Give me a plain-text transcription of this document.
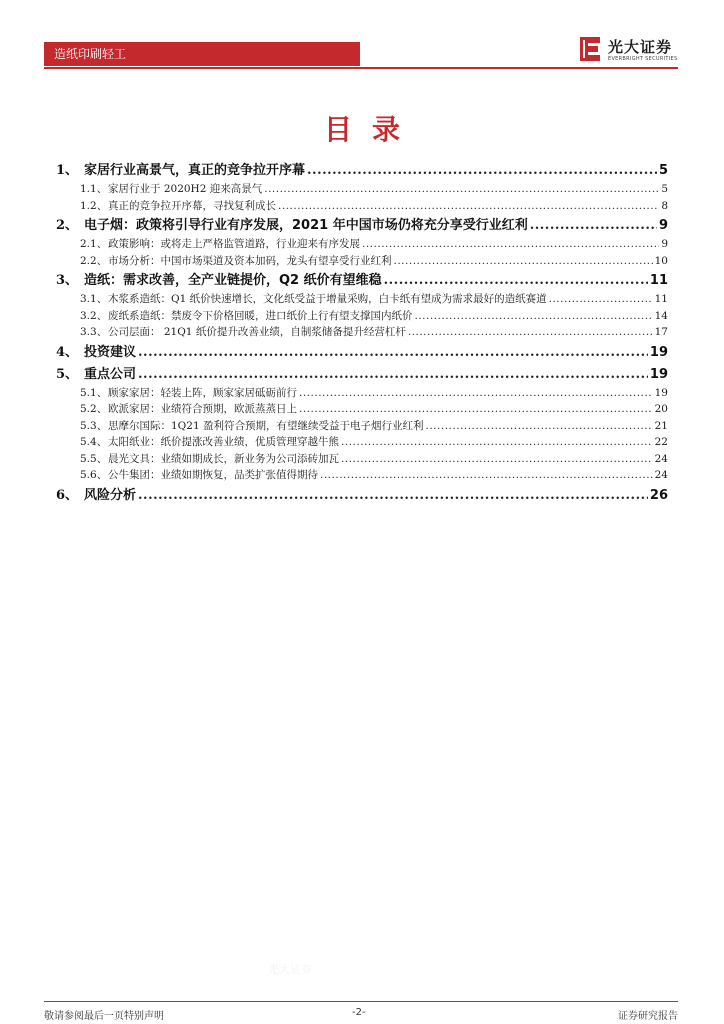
造纸印刷轻工	光大证券
EVERBRIGHT SECURITIES
目录
1、 家居行业高景气，真正的竞争拉开序幕 .....	5
1.1、 家居行业于 2020H2 迎来高景气 .....	5
1.2、 真正的竞争拉开序幕，寻找复利成长 .....	8
2、 电子烟：政策将引导行业有序发展，2021 年中国市场仍将充分享受行业红利 .....	9
2.1、 政策影响：或将走上严格监管道路，行业迎来有序发展 .....	9
2.2、 市场分析：中国市场渠道及资本加码，龙头有望享受行业红利 .....	10
3、 造纸：需求改善，全产业链提价，Q2 纸价有望维稳 .....	11
3.1、 木浆系造纸：Q1 纸价快速增长，文化纸受益于增量采购，白卡纸有望成为需求最好的造纸赛道 .....	11
3.2、 废纸系造纸：禁废令下价格回暖，进口纸价上行有望支撑国内纸价 .....	14
3.3、 公司层面： 21Q1 纸价提升改善业绩，自制浆储备提升经营杠杆 .....	17
4、 投资建议 .....	19
5、 重点公司 .....	19
5.1、 顾家家居：轻装上阵，顾家家居砥砺前行 .....	19
5.2、 欧派家居：业绩符合预期，欧派蒸蒸日上 .....	20
5.3、 思摩尔国际：1Q21 盈利符合预期，有望继续受益于电子烟行业红利 .....	21
5.4、 太阳纸业：纸价提涨改善业绩，优质管理穿越牛熊 .....	22
5.5、 晨光文具：业绩如期成长，新业务为公司添砖加瓦 .....	24
5.6、 公牛集团：业绩如期恢复，品类扩张值得期待 .....	24
6、 风险分析 .....	26
光大证券
敬请参阅最后一页特别声明	-2-	证券研究报告
